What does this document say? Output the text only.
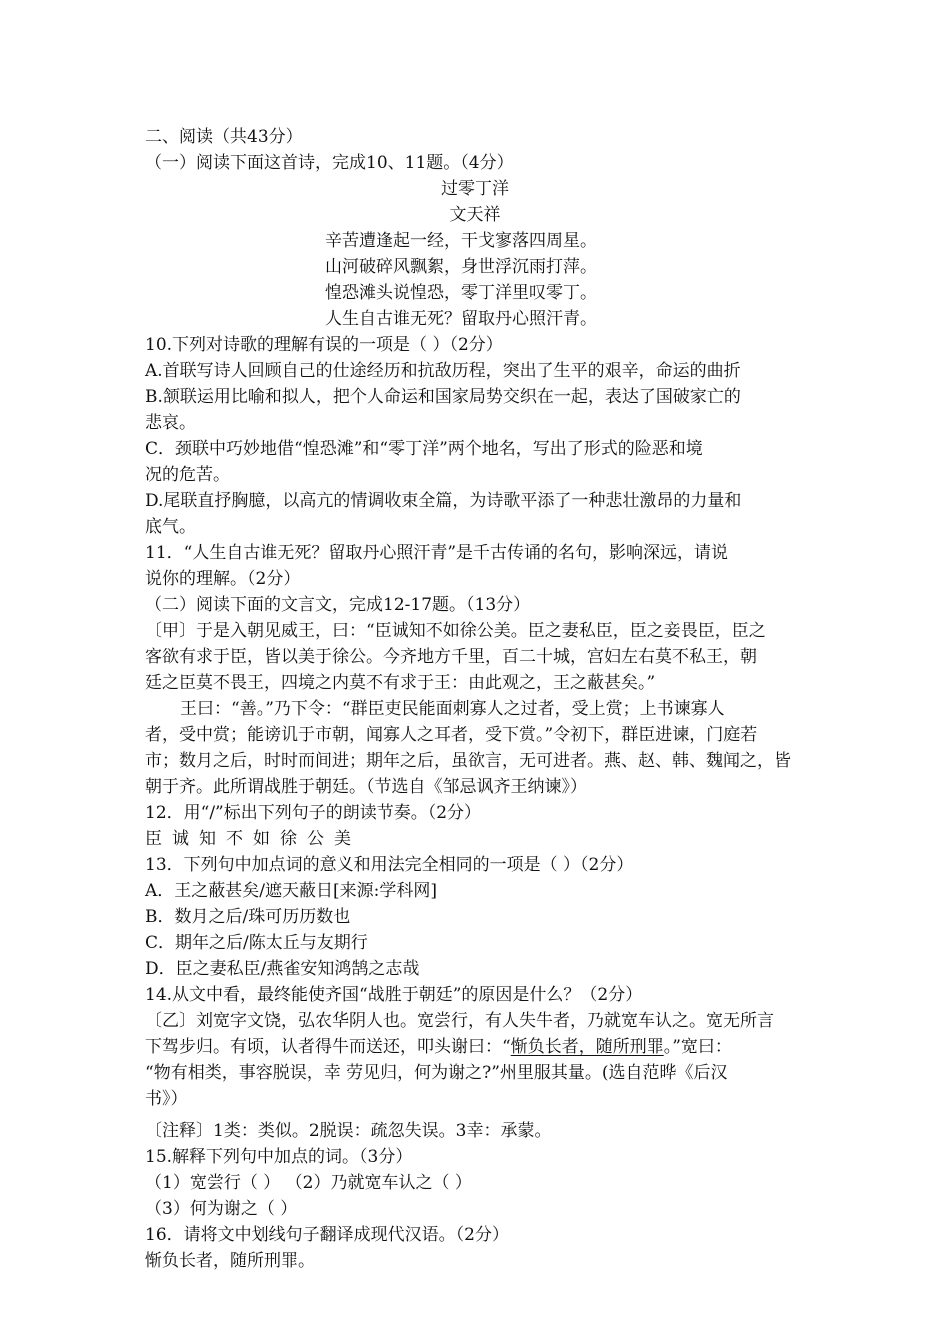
二、阅读（共43分）
（一）阅读下面这首诗，完成10、11题。（4分）
过零丁洋
文天祥
辛苦遭逢起一经，干戈寥落四周星。
山河破碎风飘絮，身世浮沉雨打萍。
惶恐滩头说惶恐，零丁洋里叹零丁。
人生自古谁无死？留取丹心照汗青。
10.下列对诗歌的理解有误的一项是（ ）（2分）
A.首联写诗人回顾自己的仕途经历和抗敌历程，突出了生平的艰辛，命运的曲折
B.颔联运用比喻和拟人，把个人命运和国家局势交织在一起，表达了国破家亡的
悲哀。
C．颈联中巧妙地借“惶恐滩”和“零丁洋”两个地名，写出了形式的险恶和境
况的危苦。
D.尾联直抒胸臆，以高亢的情调收束全篇，为诗歌平添了一种悲壮激昂的力量和
底气。
11．“人生自古谁无死？留取丹心照汗青”是千古传诵的名句，影响深远，请说
说你的理解。（2分）
（二）阅读下面的文言文，完成12-17题。（13分）
〔甲〕于是入朝见威王，曰：“臣诚知不如徐公美。臣之妻私臣，臣之妾畏臣，臣之
客欲有求于臣，皆以美于徐公。今齐地方千里，百二十城，宫妇左右莫不私王，朝
廷之臣莫不畏王，四境之内莫不有求于王：由此观之，王之蔽甚矣。”
王曰：“善。”乃下令：“群臣吏民能面刺寡人之过者，受上赏；上书谏寡人
者，受中赏；能谤讥于市朝，闻寡人之耳者，受下赏。”令初下，群臣进谏，门庭若
市；数月之后，时时而间进；期年之后，虽欲言，无可进者。燕、赵、韩、魏闻之，皆
朝于齐。此所谓战胜于朝廷。（节选自《邹忌讽齐王纳谏》）
12．用“/”标出下列句子的朗读节奏。（2分）
臣诚知不如徐公美
13．下列句中加点词的意义和用法完全相同的一项是（ ）（2分）
A．王之蔽甚矣/遮天蔽日[来源:学科网]
B．数月之后/珠可历历数也
C．期年之后/陈太丘与友期行
D．臣之妻私臣/燕雀安知鸿鹄之志哉
14.从文中看，最终能使齐国“战胜于朝廷”的原因是什么？（2分）
〔乙〕刘宽字文饶，弘农华阴人也。宽尝行，有人失牛者，乃就宽车认之。宽无所言
下驾步归。有顷，认者得牛而送还，叩头谢曰：“惭负长者，随所刑罪。”宽曰：
“物有相类，事容脱误，幸 劳见归，何为谢之?”州里服其量。(选自范晔《后汉
书》）
〔注释〕1类：类似。2脱误：疏忽失误。3幸：承蒙。
15.解释下列句中加点的词。（3分）
（1）宽尝行（ ） （2）乃就宽车认之（ ）
（3）何为谢之（ ）
16．请将文中划线句子翻译成现代汉语。（2分）
惭负长者，随所刑罪。
